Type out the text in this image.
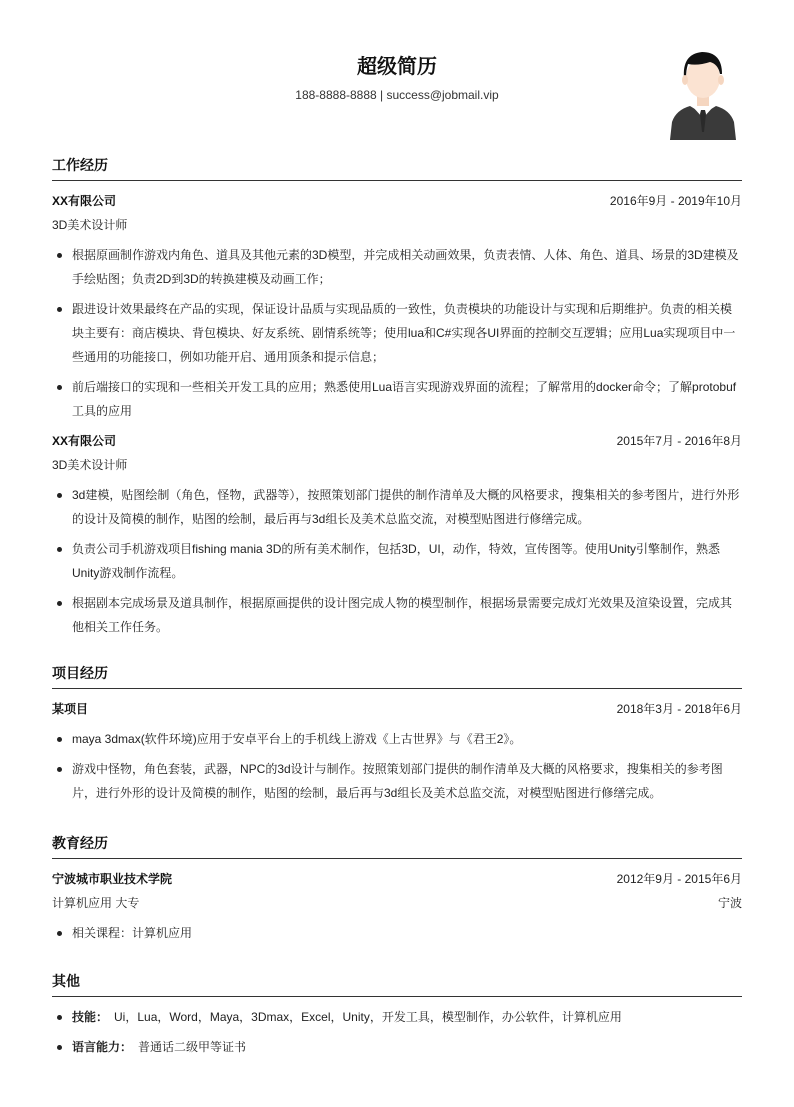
超级简历
188-8888-8888 | success@jobmail.vip
工作经历
XX有限公司	2016年9月 - 2019年10月
3D美术设计师
根据原画制作游戏内角色、道具及其他元素的3D模型，并完成相关动画效果，负责表情、人体、角色、道具、场景的3D建模及手绘贴图；负责2D到3D的转换建模及动画工作；
跟进设计效果最终在产品的实现，保证设计品质与实现品质的一致性，负责模块的功能设计与实现和后期维护。负责的相关模块主要有：商店模块、背包模块、好友系统、剧情系统等；使用lua和C#实现各UI界面的控制交互逻辑；应用Lua实现项目中一些通用的功能接口，例如功能开启、通用顶条和提示信息；
前后端接口的实现和一些相关开发工具的应用；熟悉使用Lua语言实现游戏界面的流程；了解常用的docker命令；了解protobuf工具的应用
XX有限公司	2015年7月 - 2016年8月
3D美术设计师
3d建模，贴图绘制（角色，怪物，武器等），按照策划部门提供的制作清单及大概的风格要求，搜集相关的参考图片，进行外形的设计及简模的制作，贴图的绘制，最后再与3d组长及美术总监交流，对模型贴图进行修缮完成。
负责公司手机游戏项目fishing mania 3D的所有美术制作，包括3D，UI，动作，特效，宣传图等。使用Unity引擎制作，熟悉Unity游戏制作流程。
根据剧本完成场景及道具制作，根据原画提供的设计图完成人物的模型制作，根据场景需要完成灯光效果及渲染设置，完成其他相关工作任务。
项目经历
某项目	2018年3月 - 2018年6月
maya 3dmax(软件环境)应用于安卓平台上的手机线上游戏《上古世界》与《君王2》。
游戏中怪物，角色套装，武器，NPC的3d设计与制作。按照策划部门提供的制作清单及大概的风格要求，搜集相关的参考图片，进行外形的设计及简模的制作，贴图的绘制，最后再与3d组长及美术总监交流，对模型贴图进行修缮完成。
教育经历
宁波城市职业技术学院	2012年9月 - 2015年6月
计算机应用 大专	宁波
相关课程：计算机应用
其他
技能： Ui，Lua，Word，Maya，3Dmax，Excel，Unity，开发工具，模型制作，办公软件，计算机应用
语言能力： 普通话二级甲等证书
